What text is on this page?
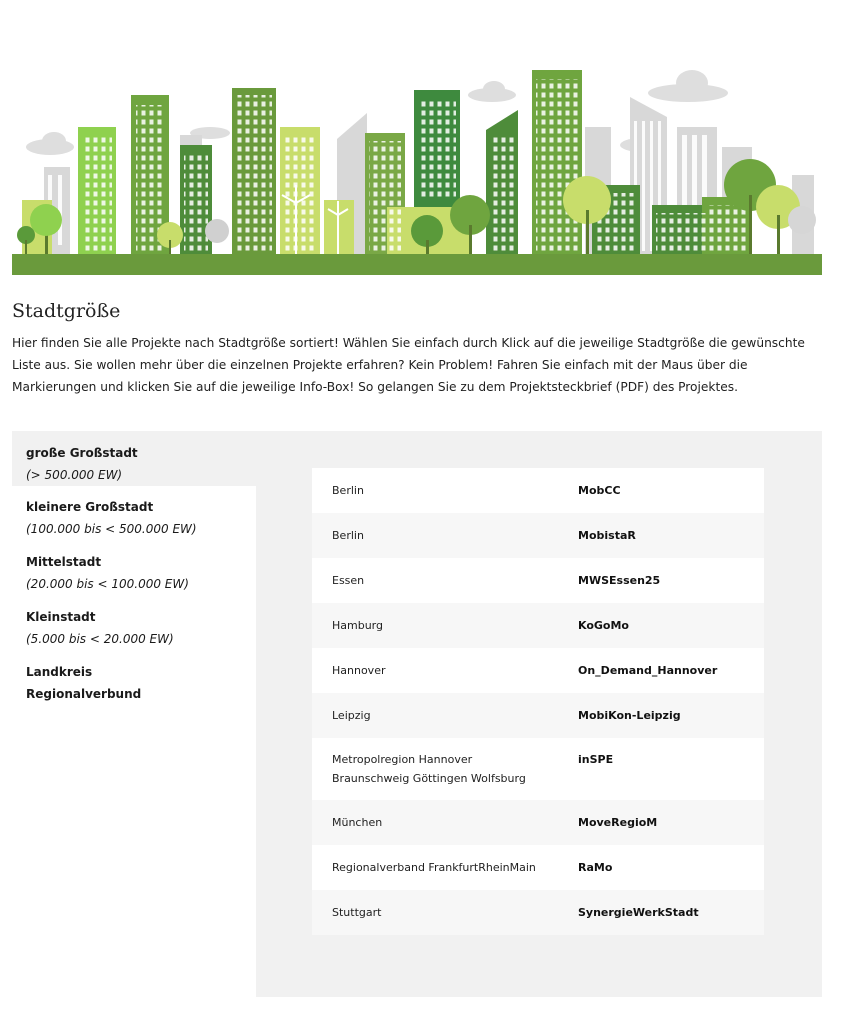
Stadtgröße

Hier finden Sie alle Projekte nach Stadtgröße sortiert! Wählen Sie einfach durch Klick auf die jeweilige Stadtgröße die gewünschte Liste aus. Sie wollen mehr über die einzelnen Projekte erfahren? Kein Problem! Fahren Sie einfach mit der Maus über die Markierungen und klicken Sie auf die jeweilige Info-Box! So gelangen Sie zu dem Projektsteckbrief (PDF) des Projektes.

große Großstadt
(> 500.000 EW)
kleinere Großstadt
(100.000 bis < 500.000 EW)
Mittelstadt
(20.000 bis < 100.000 EW)
Kleinstadt
(5.000 bis < 20.000 EW)
Landkreis
Regionalverbund
Berlin	MobCC
Berlin	MobistaR
Essen	MWSEssen25
Hamburg	KoGoMo
Hannover	On_Demand_Hannover
Leipzig	MobiKon-Leipzig
Metropolregion Hannover
Braunschweig Göttingen Wolfsburg	inSPE
München	MoveRegioM
Regionalverband FrankfurtRheinMain	RaMo
Stuttgart	SynergieWerkStadt
